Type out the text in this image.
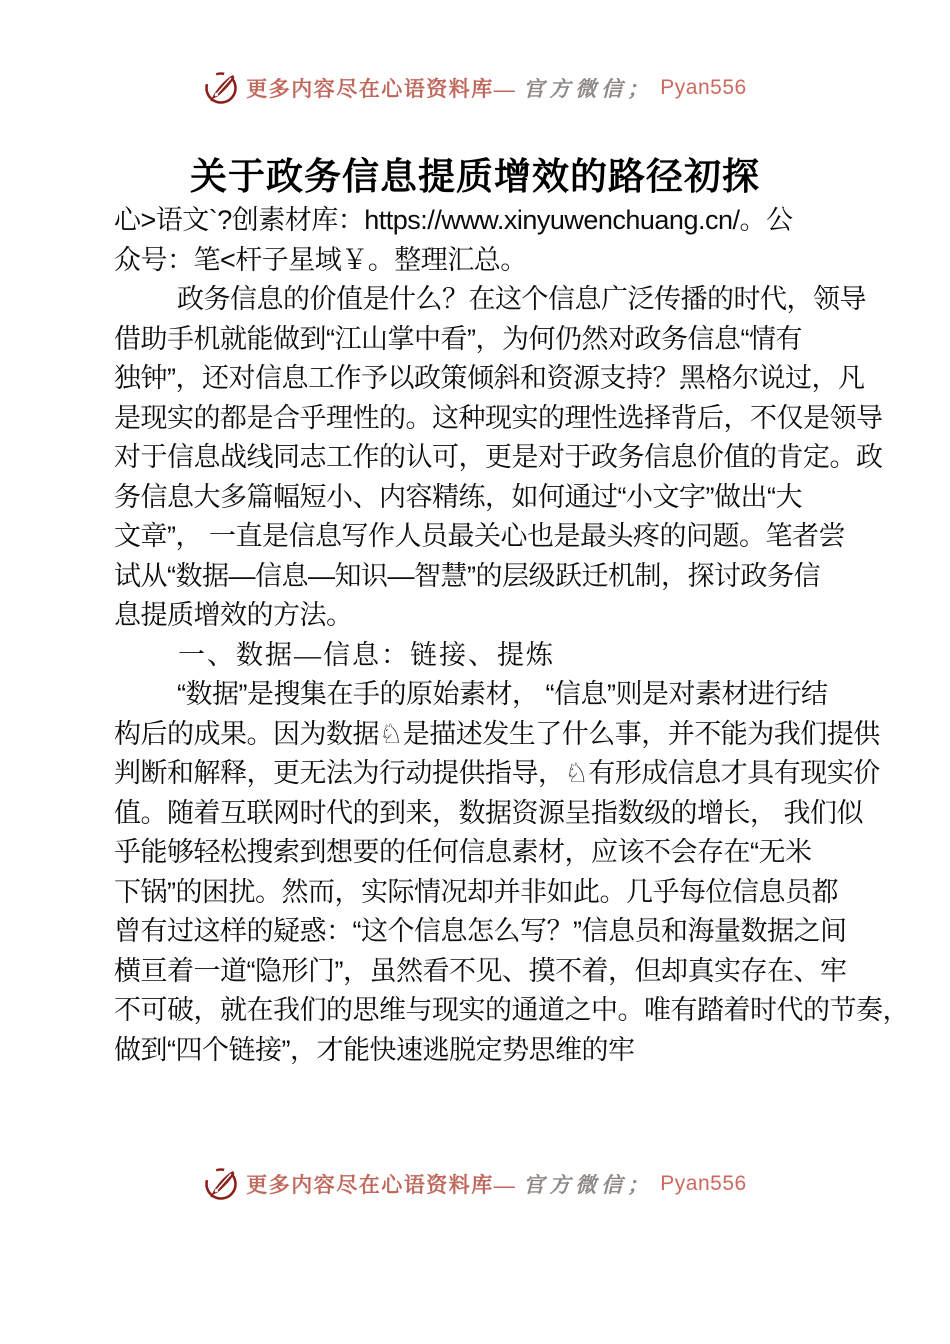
更多内容尽在心语资料库— 官方微信； Pyan556
关于政务信息提质增效的路径初探
心>语文`?创素材库：https://www.xinyuwenchuang.cn/。公
众号：笔<杆子星域￥。整理汇总。
政务信息的价值是什么？在这个信息广泛传播的时代，领导
借助手机就能做到“江山掌中看”，为何仍然对政务信息“情有
独钟”，还对信息工作予以政策倾斜和资源支持？黑格尔说过，凡
是现实的都是合乎理性的。这种现实的理性选择背后，不仅是领导
对于信息战线同志工作的认可，更是对于政务信息价值的肯定。政
务信息大多篇幅短小、内容精练，如何通过“小文字”做出“大
文章”， 一直是信息写作人员最关心也是最头疼的问题。笔者尝
试从“数据—信息—知识—智慧”的层级跃迁机制，探讨政务信
息提质增效的方法。
一、数据—信息：链接、提炼
“数据”是搜集在手的原始素材， “信息”则是对素材进行结
构后的成果。因为数据♘是描述发生了什么事，并不能为我们提供
判断和解释，更无法为行动提供指导，♘有形成信息才具有现实价
值。随着互联网时代的到来，数据资源呈指数级的增长， 我们似
乎能够轻松搜索到想要的任何信息素材，应该不会存在“无米
下锅”的困扰。然而，实际情况却并非如此。几乎每位信息员都
曾有过这样的疑惑：“这个信息怎么写？”信息员和海量数据之间
横亘着一道“隐形门”，虽然看不见、摸不着，但却真实存在、牢
不可破，就在我们的思维与现实的通道之中。唯有踏着时代的节奏，
做到“四个链接”，才能快速逃脱定势思维的牢
更多内容尽在心语资料库— 官方微信； Pyan556
